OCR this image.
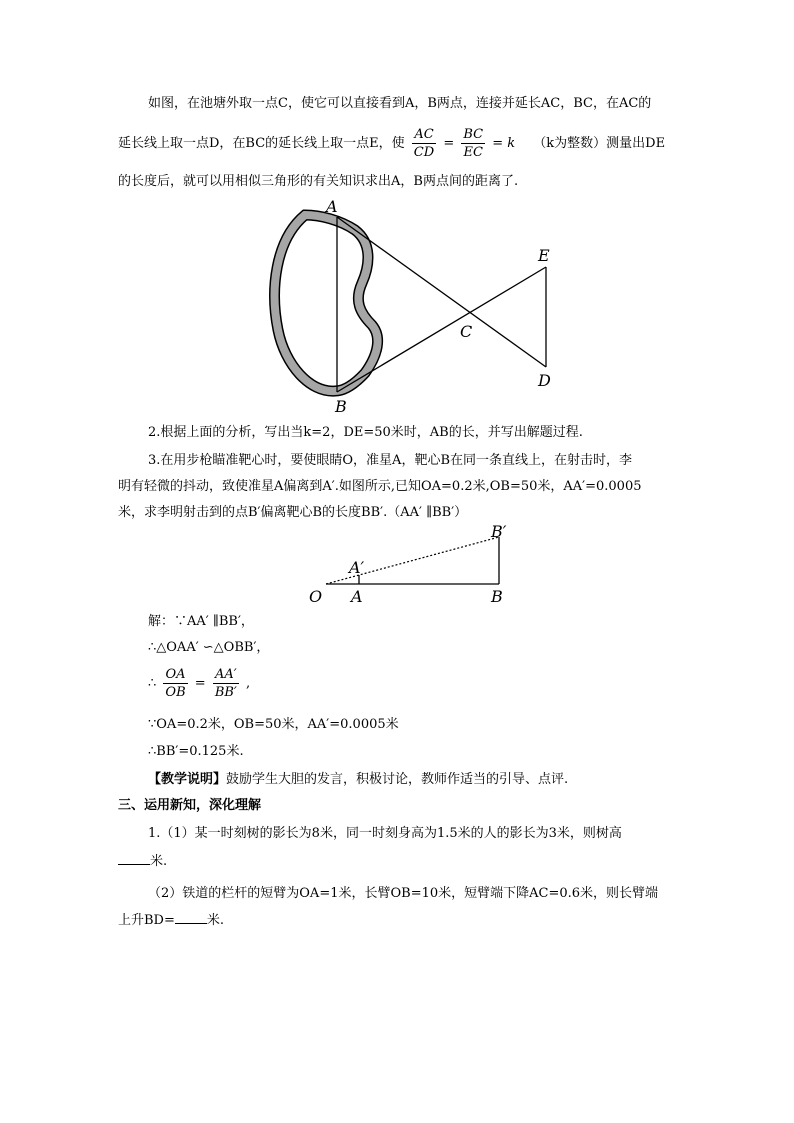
如图，在池塘外取一点C，使它可以直接看到A，B两点，连接并延长AC，BC，在AC的
延长线上取一点D，在BC的延长线上取一点E，使 $\frac{AC}{CD} = \frac{BC}{EC} = k$ （k为整数）测量出DE
的长度后，就可以用相似三角形的有关知识求出A，B两点间的距离了.
A
B
C
D
E
2.根据上面的分析，写出当k=2，DE=50米时，AB的长，并写出解题过程.
3.在用步枪瞄准靶心时，要使眼睛O，准星A，靶心B在同一条直线上，在射击时，李
明有轻微的抖动，致使准星A偏离到A′.如图所示,已知OA=0.2米,OB=50米，AA′=0.0005
米，求李明射击到的点B′偏离靶心B的长度BB′.（AA′ ∥BB′）
O A
A′
B
B′
解：∵AA′ ∥BB′，
∴△OAA′ ∽△OBB′，
∴ $\frac{OA}{OB} = \frac{AA'}{BB'}$ ,
∵OA=0.2米，OB=50米，AA′=0.0005米
∴BB′=0.125米.
【教学说明】鼓励学生大胆的发言，积极讨论，教师作适当的引导、点评.
三、运用新知，深化理解
1.（1）某一时刻树的影长为8米，同一时刻身高为1.5米的人的影长为3米，则树高
米.
（2）铁道的栏杆的短臂为OA=1米，长臂OB=10米，短臂端下降AC=0.6米，则长臂端
上升BD= 米.
